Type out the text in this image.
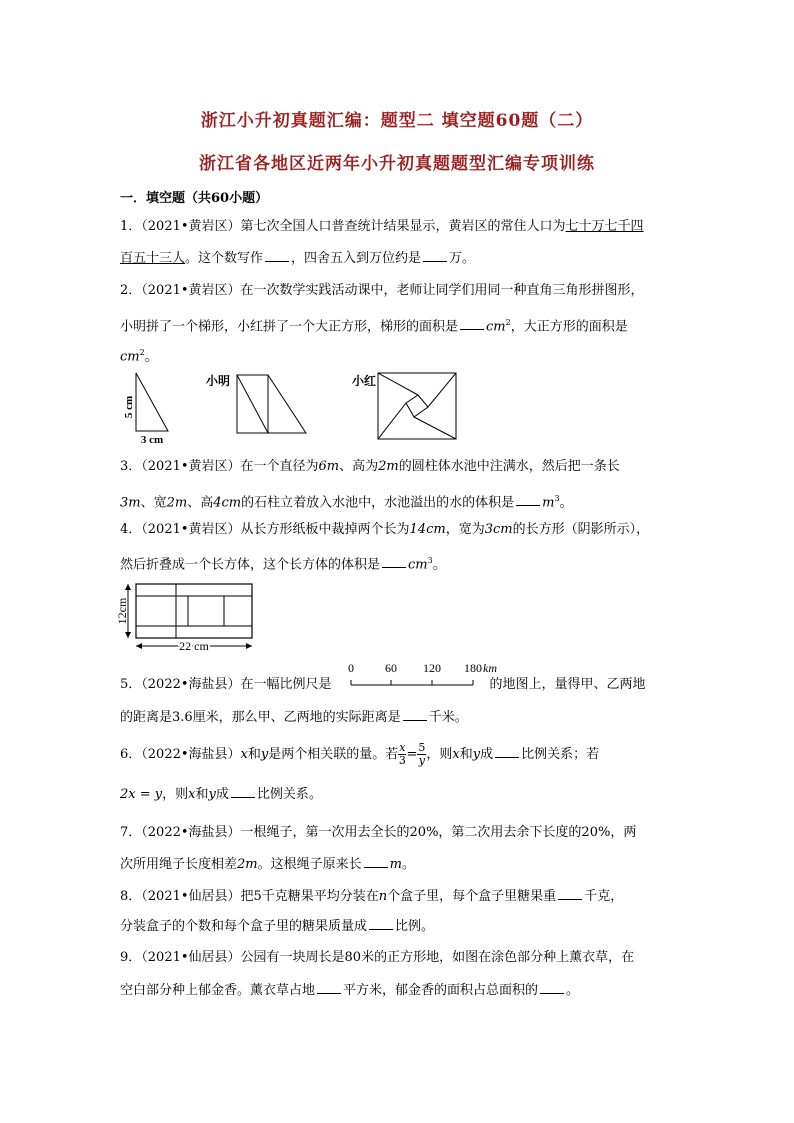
浙江小升初真题汇编：题型二 填空题60题（二）
浙江省各地区近两年小升初真题题型汇编专项训练
一．填空题（共60小题）
1．（2021•黄岩区）第七次全国人口普查统计结果显示，黄岩区的常住人口为七十万七千四
百五十三人。这个数写作 ，四舍五入到万位约是 万。
2．（2021•黄岩区）在一次数学实践活动课中，老师让同学们用同一种直角三角形拼图形，
小明拼了一个梯形，小红拼了一个大正方形，梯形的面积是 $cm^2$，大正方形的面积是
$cm^2$。
5 cm
3 cm
小明	小红
3．（2021•黄岩区）在一个直径为6m、高为2m的圆柱体水池中注满水，然后把一条长
3m、宽2m、高4cm的石柱立着放入水池中，水池溢出的水的体积是 $m^3$。
4．（2021•黄岩区）从长方形纸板中裁掉两个长为14cm，宽为3cm的长方形（阴影所示），
然后折叠成一个长方体，这个长方体的体积是 $cm^3$。
12cm
22 cm
5．（2022•海盐县）在一幅比例尺是	的地图上，量得甲、乙两地
0	60 120 180 km
的距离是3.6厘米，那么甲、乙两地的实际距离是 千米。
6．（2022•海盐县）x和y是两个相关联的量。若 $\frac{x}{3} = \frac{5}{y}$ ，则x和y成 比例关系；若
2x = y，则x和y成 比例关系。
7．（2022•海盐县）一根绳子，第一次用去全长的20%，第二次用去余下长度的20%，两
次所用绳子长度相差2m。这根绳子原来长 m。
8．（2021•仙居县）把5千克糖果平均分装在n个盒子里，每个盒子里糖果重 千克，
分装盒子的个数和每个盒子里的糖果质量成 比例。
9．（2021•仙居县）公园有一块周长是80米的正方形地，如图在涂色部分种上薰衣草，在
空白部分种上郁金香。薰衣草占地 平方米，郁金香的面积占总面积的 。
